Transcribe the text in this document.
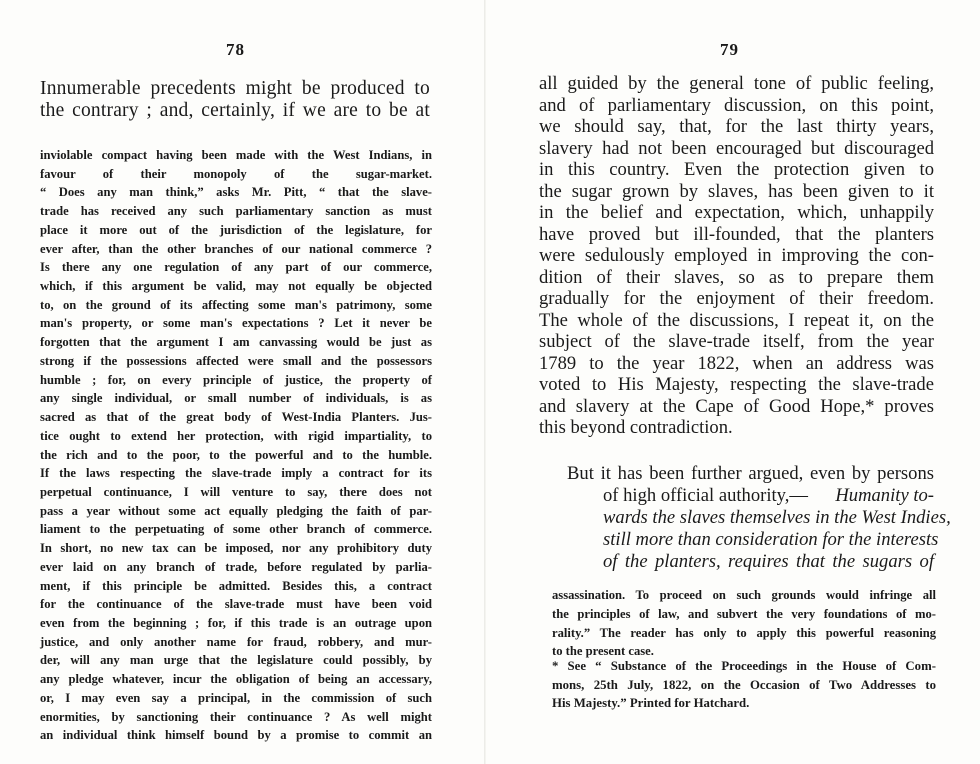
78
Innumerable precedents might be produced to
the contrary ; and, certainly, if we are to be at
inviolable compact having been made with the West Indians, in
favour of their monopoly of the sugar-market.
“ Does any man think,” asks Mr. Pitt, “ that the slave-
trade has received any such parliamentary sanction as must
place it more out of the jurisdiction of the legislature, for
ever after, than the other branches of our national commerce ?
Is there any one regulation of any part of our commerce,
which, if this argument be valid, may not equally be objected
to, on the ground of its affecting some man's patrimony, some
man's property, or some man's expectations ? Let it never be
forgotten that the argument I am canvassing would be just as
strong if the possessions affected were small and the possessors
humble ; for, on every principle of justice, the property of
any single individual, or small number of individuals, is as
sacred as that of the great body of West-India Planters. Jus-
tice ought to extend her protection, with rigid impartiality, to
the rich and to the poor, to the powerful and to the humble.
If the laws respecting the slave-trade imply a contract for its
perpetual continuance, I will venture to say, there does not
pass a year without some act equally pledging the faith of par-
liament to the perpetuating of some other branch of commerce.
In short, no new tax can be imposed, nor any prohibitory duty
ever laid on any branch of trade, before regulated by parlia-
ment, if this principle be admitted. Besides this, a contract
for the continuance of the slave-trade must have been void
even from the beginning ; for, if this trade is an outrage upon
justice, and only another name for fraud, robbery, and mur-
der, will any man urge that the legislature could possibly, by
any pledge whatever, incur the obligation of being an accessary,
or, I may even say a principal, in the commission of such
enormities, by sanctioning their continuance ? As well might
an individual think himself bound by a promise to commit an
79
all guided by the general tone of public feeling,
and of parliamentary discussion, on this point,
we should say, that, for the last thirty years,
slavery had not been encouraged but discouraged
in this country. Even the protection given to
the sugar grown by slaves, has been given to it
in the belief and expectation, which, unhappily
have proved but ill-founded, that the planters
were sedulously employed in improving the con-
dition of their slaves, so as to prepare them
gradually for the enjoyment of their freedom.
The whole of the discussions, I repeat it, on the
subject of the slave-trade itself, from the year
1789 to the year 1822, when an address was
voted to His Majesty, respecting the slave-trade
and slavery at the Cape of Good Hope,* proves
this beyond contradiction.
But it has been further argued, even by persons
of high official authority,— Humanity to-
wards the slaves themselves in the West Indies,
still more than consideration for the interests
of the planters, requires that the sugars of
assassination. To proceed on such grounds would infringe all
the principles of law, and subvert the very foundations of mo-
rality.” The reader has only to apply this powerful reasoning
to the present case.
* See “ Substance of the Proceedings in the House of Com-
mons, 25th July, 1822, on the Occasion of Two Addresses to
His Majesty.” Printed for Hatchard.
